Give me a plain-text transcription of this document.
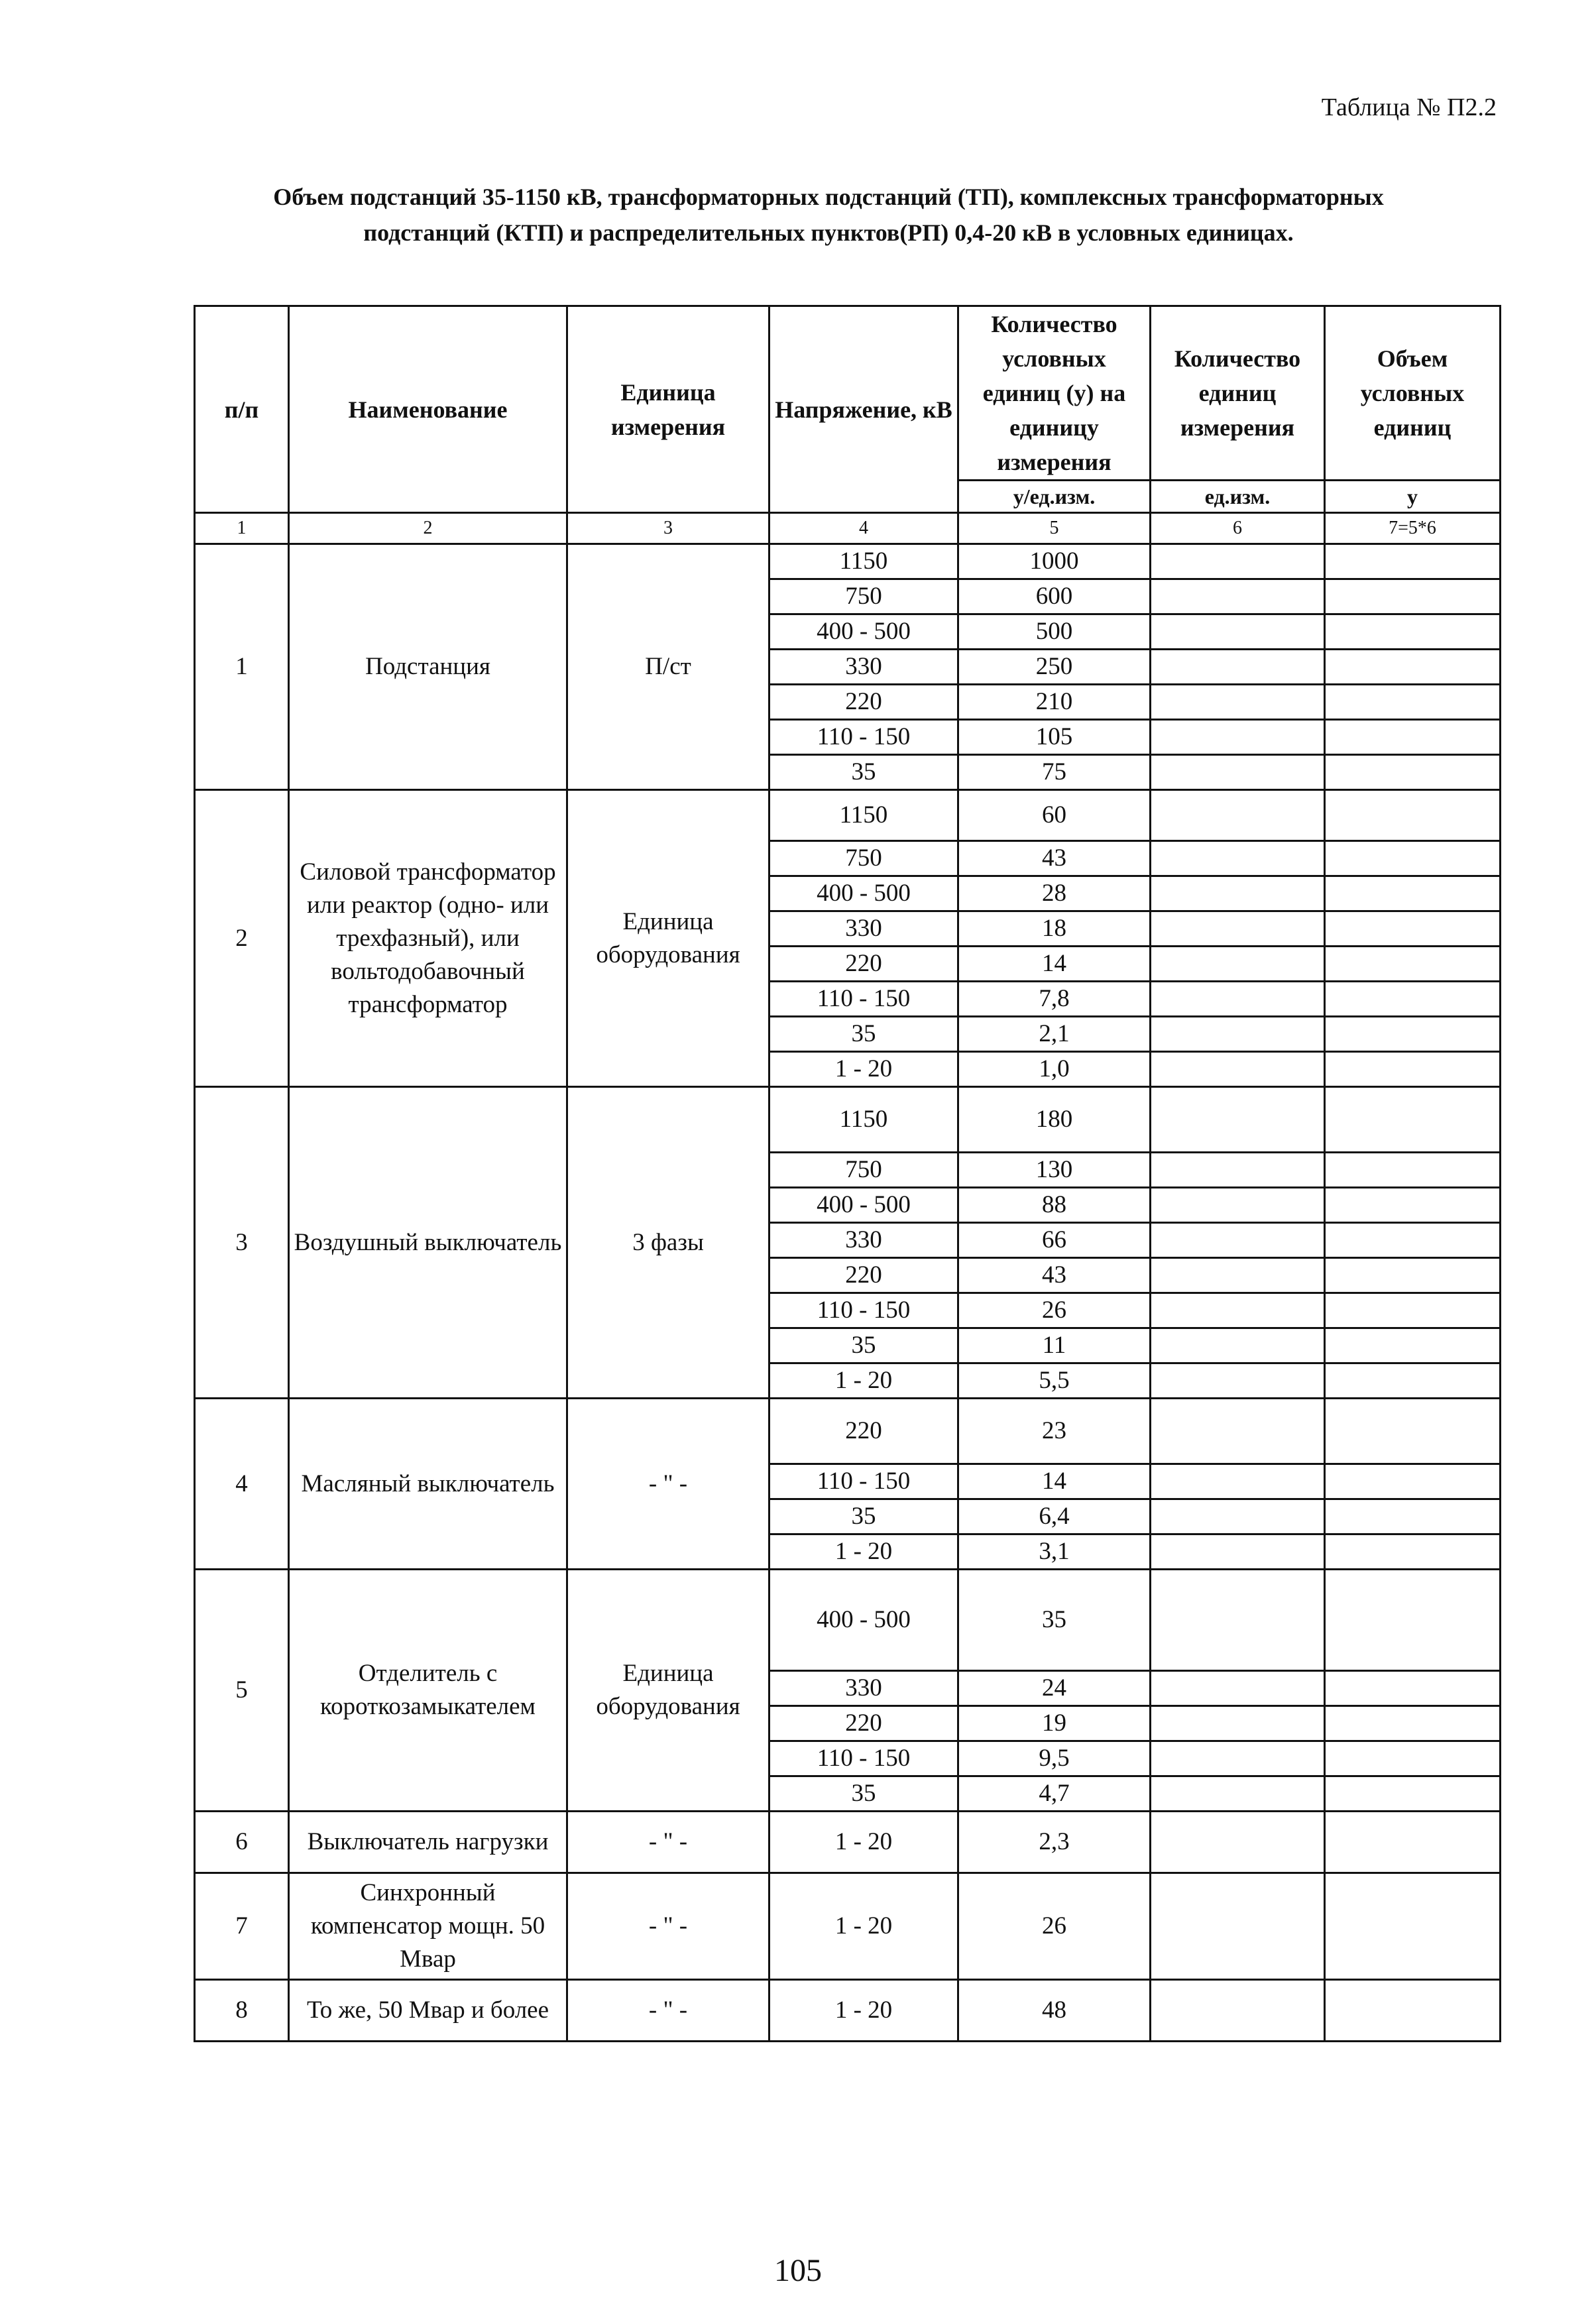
Таблица № П2.2
Объем подстанций 35-1150 кВ, трансформаторных подстанций (ТП), комплексных трансформаторных
подстанций (КТП) и распределительных пунктов(РП) 0,4-20 кВ в условных единицах.
п/п	Наименование	Единица измерения	Напряжение, кВ	Количество условных единиц (у) на единицу измерения	Количество единиц измерения	Объем условных единиц
				у/ед.изм.	ед.изм.	у
1	2	3	4	5	6	7=5*6
1	Подстанция	П/ст	1150	1000		
			750	600		
			400 - 500	500		
			330	250		
			220	210		
			110 - 150	105		
			35	75		
2	Силовой трансформатор или реактор (одно- или трехфазный), или вольтодобавочный трансформатор	Единица оборудования	1150	60		
			750	43		
			400 - 500	28		
			330	18		
			220	14		
			110 - 150	7,8		
			35	2,1		
			1 - 20	1,0		
3	Воздушный выключатель	3 фазы	1150	180		
			750	130		
			400 - 500	88		
			330	66		
			220	43		
			110 - 150	26		
			35	11		
			1 - 20	5,5		
4	Масляный выключатель	- " -	220	23		
			110 - 150	14		
			35	6,4		
			1 - 20	3,1		
5	Отделитель с короткозамыкателем	Единица оборудования	400 - 500	35		
			330	24		
			220	19		
			110 - 150	9,5		
			35	4,7		
6	Выключатель нагрузки	- " -	1 - 20	2,3		
7	Синхронный компенсатор мощн. 50 Мвар	- " -	1 - 20	26		
8	То же, 50 Мвар и более	- " -	1 - 20	48		
105
